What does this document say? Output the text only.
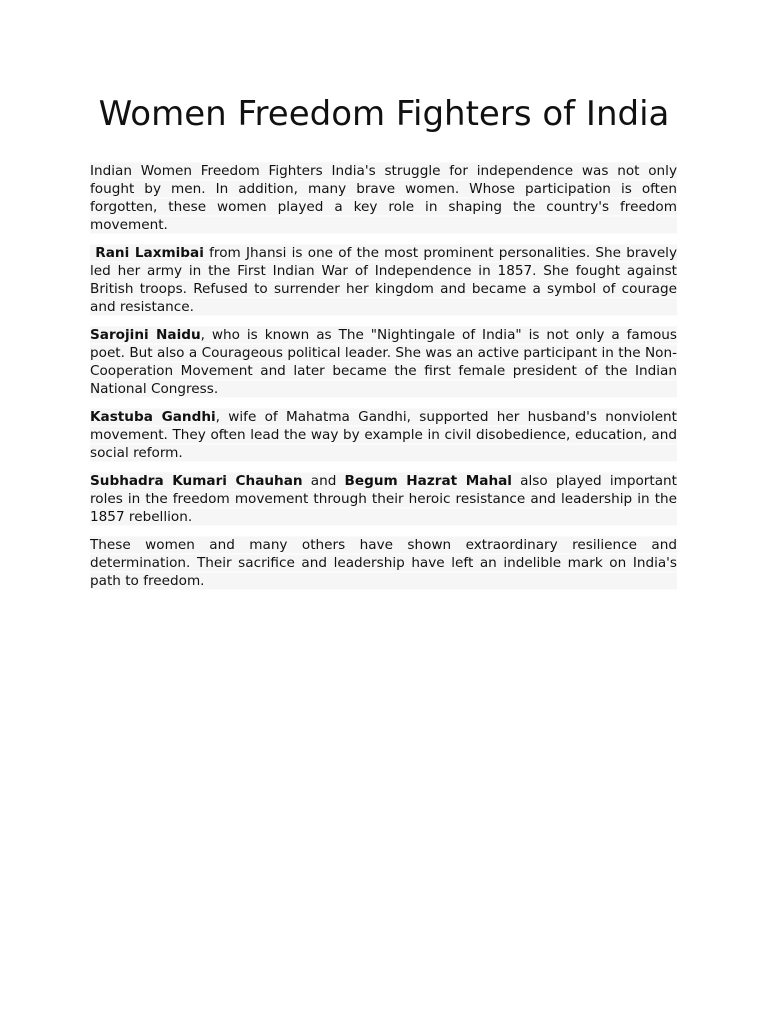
Women Freedom Fighters of India

Indian Women Freedom Fighters India's struggle for independence was not only fought by men. In addition, many brave women. Whose participation is often forgotten, these women played a key role in shaping the country's freedom movement.

Rani Laxmibai from Jhansi is one of the most prominent personalities. She bravely led her army in the First Indian War of Independence in 1857. She fought against British troops. Refused to surrender her kingdom and became a symbol of courage and resistance.

Sarojini Naidu, who is known as The "Nightingale of India" is not only a famous poet. But also a Courageous political leader. She was an active participant in the Non-Cooperation Movement and later became the first female president of the Indian National Congress.

Kastuba Gandhi, wife of Mahatma Gandhi, supported her husband's nonviolent movement. They often lead the way by example in civil disobedience, education, and social reform.

Subhadra Kumari Chauhan and Begum Hazrat Mahal also played important roles in the freedom movement through their heroic resistance and leadership in the 1857 rebellion.

These women and many others have shown extraordinary resilience and determination. Their sacrifice and leadership have left an indelible mark on India's path to freedom.
